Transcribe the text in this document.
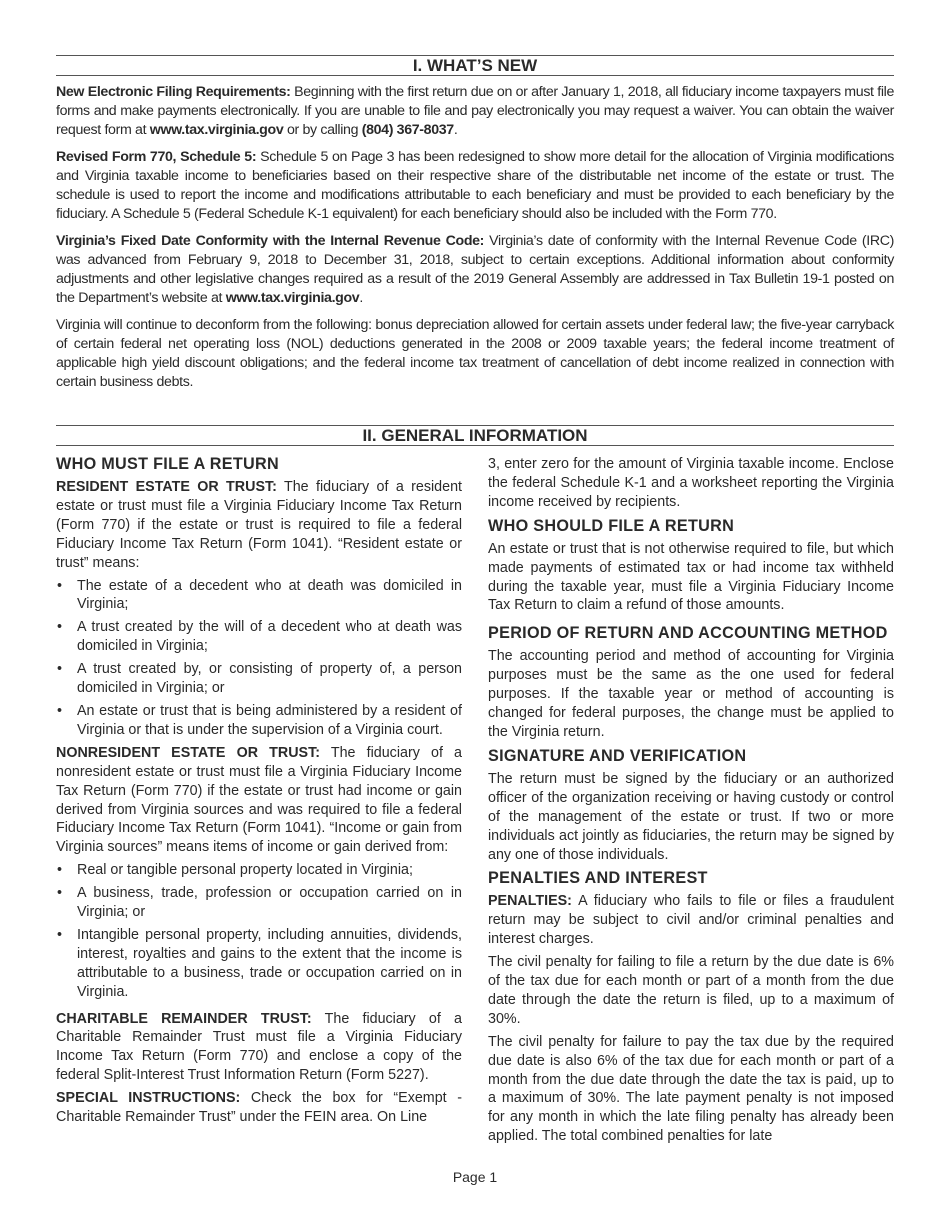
I. WHAT’S NEW

New Electronic Filing Requirements: Beginning with the first return due on or after January 1, 2018, all fiduciary income taxpayers must file forms and make payments electronically. If you are unable to file and pay electronically you may request a waiver. You can obtain the waiver request form at www.tax.virginia.gov or by calling (804) 367-8037.

Revised Form 770, Schedule 5: Schedule 5 on Page 3 has been redesigned to show more detail for the allocation of Virginia modifications and Virginia taxable income to beneficiaries based on their respective share of the distributable net income of the estate or trust. The schedule is used to report the income and modifications attributable to each beneficiary and must be provided to each beneficiary by the fiduciary. A Schedule 5 (Federal Schedule K-1 equivalent) for each beneficiary should also be included with the Form 770.

Virginia’s Fixed Date Conformity with the Internal Revenue Code: Virginia’s date of conformity with the Internal Revenue Code (IRC) was advanced from February 9, 2018 to December 31, 2018, subject to certain exceptions. Additional information about conformity adjustments and other legislative changes required as a result of the 2019 General Assembly are addressed in Tax Bulletin 19-1 posted on the Department’s website at www.tax.virginia.gov.

Virginia will continue to deconform from the following: bonus depreciation allowed for certain assets under federal law; the five-year carryback of certain federal net operating loss (NOL) deductions generated in the 2008 or 2009 taxable years; the federal income treatment of applicable high yield discount obligations; and the federal income tax treatment of cancellation of debt income realized in connection with certain business debts.

II. GENERAL INFORMATION
WHO MUST FILE A RETURN

RESIDENT ESTATE OR TRUST: The fiduciary of a resident estate or trust must file a Virginia Fiduciary Income Tax Return (Form 770) if the estate or trust is required to file a federal Fiduciary Income Tax Return (Form 1041). “Resident estate or trust” means:

• The estate of a decedent who at death was domiciled in Virginia;
• A trust created by the will of a decedent who at death was domiciled in Virginia;
• A trust created by, or consisting of property of, a person domiciled in Virginia; or
• An estate or trust that is being administered by a resident of Virginia or that is under the supervision of a Virginia court.

NONRESIDENT ESTATE OR TRUST: The fiduciary of a nonresident estate or trust must file a Virginia Fiduciary Income Tax Return (Form 770) if the estate or trust had income or gain derived from Virginia sources and was required to file a federal Fiduciary Income Tax Return (Form 1041). “Income or gain from Virginia sources” means items of income or gain derived from:

• Real or tangible personal property located in Virginia;
• A business, trade, profession or occupation carried on in Virginia; or
• Intangible personal property, including annuities, dividends, interest, royalties and gains to the extent that the income is attributable to a business, trade or occupation carried on in Virginia.

CHARITABLE REMAINDER TRUST: The fiduciary of a Charitable Remainder Trust must file a Virginia Fiduciary Income Tax Return (Form 770) and enclose a copy of the federal Split-Interest Trust Information Return (Form 5227).

SPECIAL INSTRUCTIONS: Check the box for “Exempt - Charitable Remainder Trust” under the FEIN area. On Line

3, enter zero for the amount of Virginia taxable income. Enclose the federal Schedule K-1 and a worksheet reporting the Virginia income received by recipients.

WHO SHOULD FILE A RETURN

An estate or trust that is not otherwise required to file, but which made payments of estimated tax or had income tax withheld during the taxable year, must file a Virginia Fiduciary Income Tax Return to claim a refund of those amounts.

PERIOD OF RETURN AND ACCOUNTING METHOD

The accounting period and method of accounting for Virginia purposes must be the same as the one used for federal purposes. If the taxable year or method of accounting is changed for federal purposes, the change must be applied to the Virginia return.

SIGNATURE AND VERIFICATION

The return must be signed by the fiduciary or an authorized officer of the organization receiving or having custody or control of the management of the estate or trust. If two or more individuals act jointly as fiduciaries, the return may be signed by any one of those individuals.

PENALTIES AND INTEREST

PENALTIES: A fiduciary who fails to file or files a fraudulent return may be subject to civil and/or criminal penalties and interest charges.

The civil penalty for failing to file a return by the due date is 6% of the tax due for each month or part of a month from the due date through the date the return is filed, up to a maximum of 30%.

The civil penalty for failure to pay the tax due by the required due date is also 6% of the tax due for each month or part of a month from the due date through the date the tax is paid, up to a maximum of 30%. The late payment penalty is not imposed for any month in which the late filing penalty has already been applied. The total combined penalties for late

Page 1
